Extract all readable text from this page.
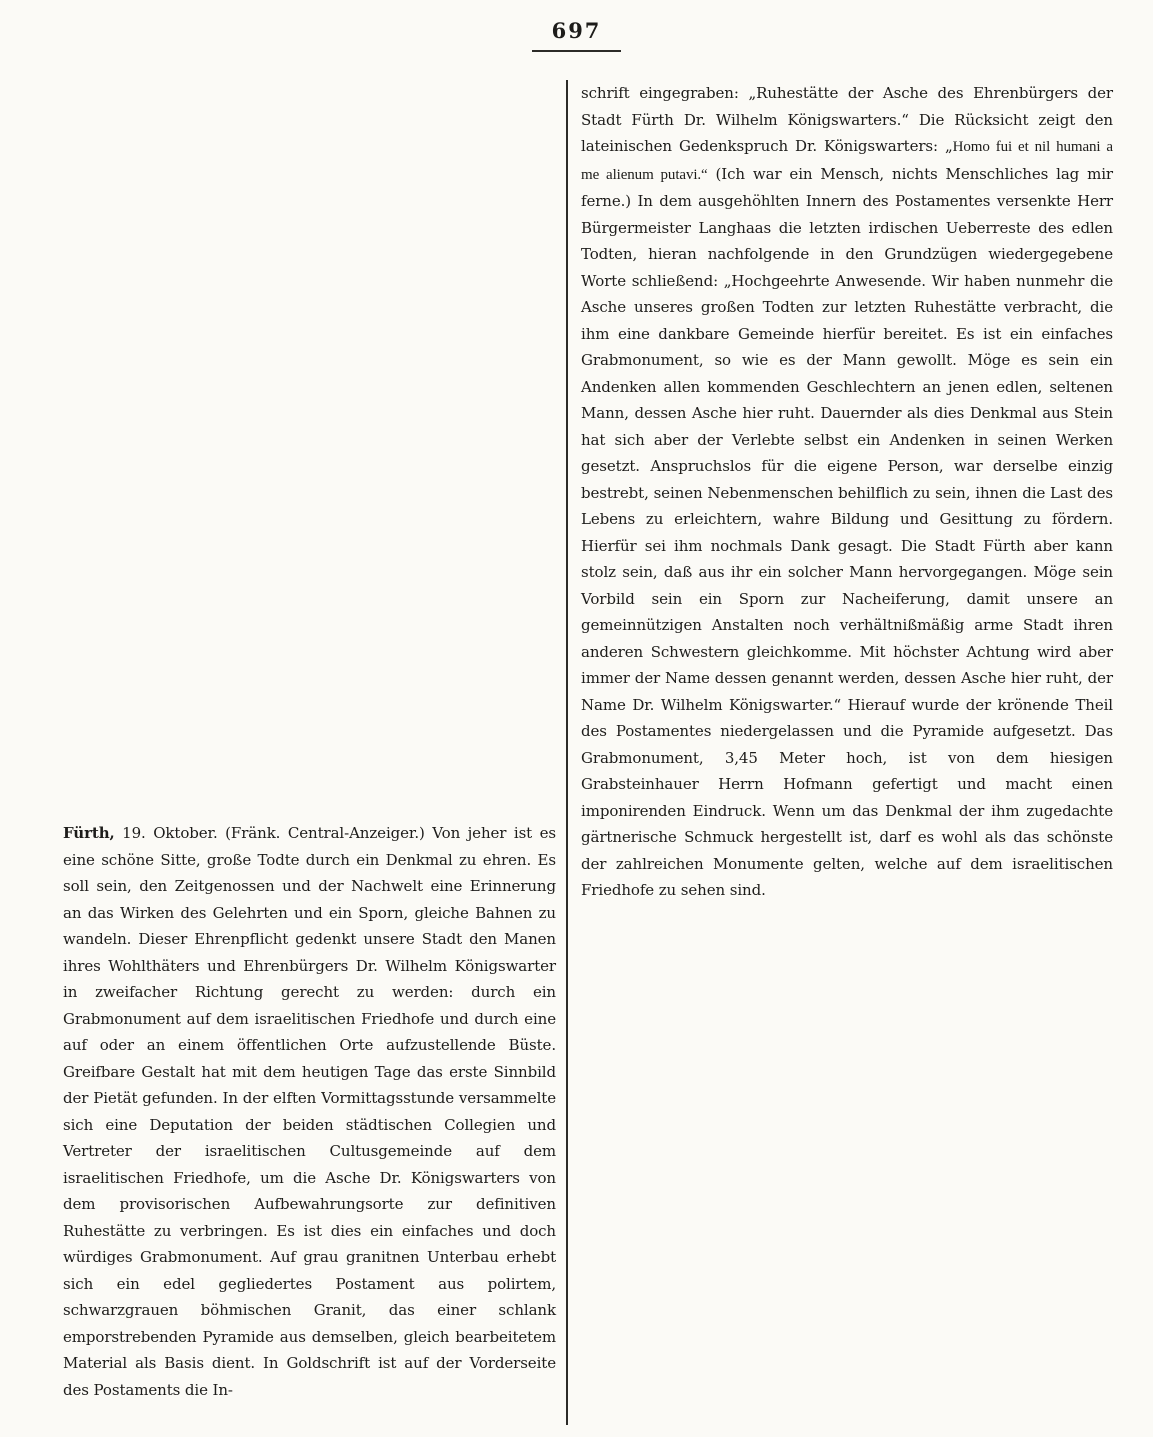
697

Fürth, 19. Oktober. (Fränk. Central-Anzeiger.) Von jeher ist es eine schöne Sitte, große Todte durch ein Denkmal zu ehren. Es soll sein, den Zeitgenossen und der Nachwelt eine Erinnerung an das Wirken des Gelehrten und ein Sporn, gleiche Bahnen zu wandeln. Dieser Ehrenpflicht gedenkt unsere Stadt den Manen ihres Wohlthäters und Ehrenbürgers Dr. Wilhelm Königswarter in zweifacher Richtung gerecht zu werden: durch ein Grabmonument auf dem israelitischen Friedhofe und durch eine auf oder an einem öffentlichen Orte aufzustellende Büste. Greifbare Gestalt hat mit dem heutigen Tage das erste Sinnbild der Pietät gefunden. In der elften Vormittagsstunde versammelte sich eine Deputation der beiden städtischen Collegien und Vertreter der israelitischen Cultusgemeinde auf dem israelitischen Friedhofe, um die Asche Dr. Königswarters von dem provisorischen Aufbewahrungsorte zur definitiven Ruhestätte zu verbringen. Es ist dies ein einfaches und doch würdiges Grabmonument. Auf grau granitnen Unterbau erhebt sich ein edel gegliedertes Postament aus polirtem, schwarzgrauen böhmischen Granit, das einer schlank emporstrebenden Pyramide aus demselben, gleich bearbeitetem Material als Basis dient. In Goldschrift ist auf der Vorderseite des Postaments die In-

schrift eingegraben: „Ruhestätte der Asche des Ehrenbürgers der Stadt Fürth Dr. Wilhelm Königswarters.“ Die Rücksicht zeigt den lateinischen Gedenkspruch Dr. Königswarters: „Homo fui et nil humani a me alienum putavi.“ (Ich war ein Mensch, nichts Menschliches lag mir ferne.) In dem ausgehöhlten Innern des Postamentes versenkte Herr Bürgermeister Langhaas die letzten irdischen Ueberreste des edlen Todten, hieran nachfolgende in den Grundzügen wiedergegebene Worte schließend: „Hochgeehrte Anwesende. Wir haben nunmehr die Asche unseres großen Todten zur letzten Ruhestätte verbracht, die ihm eine dankbare Gemeinde hierfür bereitet. Es ist ein einfaches Grabmonument, so wie es der Mann gewollt. Möge es sein ein Andenken allen kommenden Geschlechtern an jenen edlen, seltenen Mann, dessen Asche hier ruht. Dauernder als dies Denkmal aus Stein hat sich aber der Verlebte selbst ein Andenken in seinen Werken gesetzt. Anspruchslos für die eigene Person, war derselbe einzig bestrebt, seinen Nebenmenschen behilflich zu sein, ihnen die Last des Lebens zu erleichtern, wahre Bildung und Gesittung zu fördern. Hierfür sei ihm nochmals Dank gesagt. Die Stadt Fürth aber kann stolz sein, daß aus ihr ein solcher Mann hervorgegangen. Möge sein Vorbild sein ein Sporn zur Nacheiferung, damit unsere an gemeinnützigen Anstalten noch verhältnißmäßig arme Stadt ihren anderen Schwestern gleichkomme. Mit höchster Achtung wird aber immer der Name dessen genannt werden, dessen Asche hier ruht, der Name Dr. Wilhelm Königswarter.“ Hierauf wurde der krönende Theil des Postamentes niedergelassen und die Pyramide aufgesetzt. Das Grabmonument, 3,45 Meter hoch, ist von dem hiesigen Grabsteinhauer Herrn Hofmann gefertigt und macht einen imponirenden Eindruck. Wenn um das Denkmal der ihm zugedachte gärtnerische Schmuck hergestellt ist, darf es wohl als das schönste der zahlreichen Monumente gelten, welche auf dem israelitischen Friedhofe zu sehen sind.
